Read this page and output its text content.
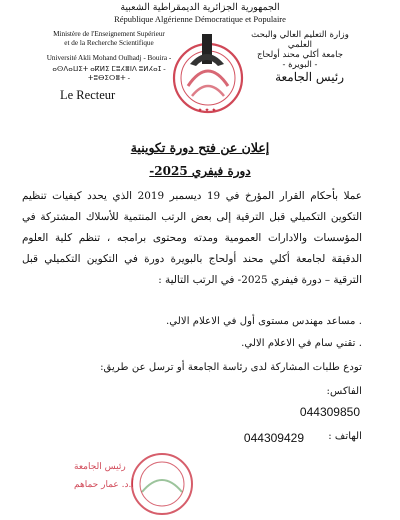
الجمهورية الجزائرية الديمقراطية الشعبية
République Algérienne Démocratique et Populaire
Ministère de l'Enseignement Supérieur
et de la Recherche Scientifique
Université Akli Mohand Oulhadj - Bouira -
ⴰⵙⴷⴰⵡⵉⵜ ⴰⴽⵍⵉ ⵎⵓⵃⴻⵏⴷ ⵓⵍⵃⴰⵊ - ⵜⵓⴱⵉⵔⴻⵜ -
Le Recteur
وزارة التعليم العالي والبحث العلمي
جامعة أكلي محند أولحاج
- البويرة -
رئيس الجامعة
✦ ✦ ✦
إعلان عن فتح دورة تكوينية
دورة فيفري 2025-
عملا بأحكام القرار المؤرخ في 19 ديسمبر 2019 الذي يحدد كيفيات تنظيم التكوين التكميلي قبل الترقية إلى بعض الرتب المنتمية للأسلاك المشتركة في المؤسسات والادارات العمومية ومدته ومحتوى برامجه ، تنظم كلية العلوم الدقيقة لجامعة أكلي محند أولحاج بالبويرة دورة في التكوين التكميلي قبل الترقية – دورة فيفري 2025- في الرتب التالية :
. مساعد مهندس مستوى أول في الاعلام الالي.
. تقني سام في الاعلام الالي.
تودع طلبات المشاركة لدى رئاسة الجامعة أو ترسل عن طريق:
الفاكس:
044309850
الهاتف :
044309429
رئيس الجامعة
أ.د. عمار حماهم
